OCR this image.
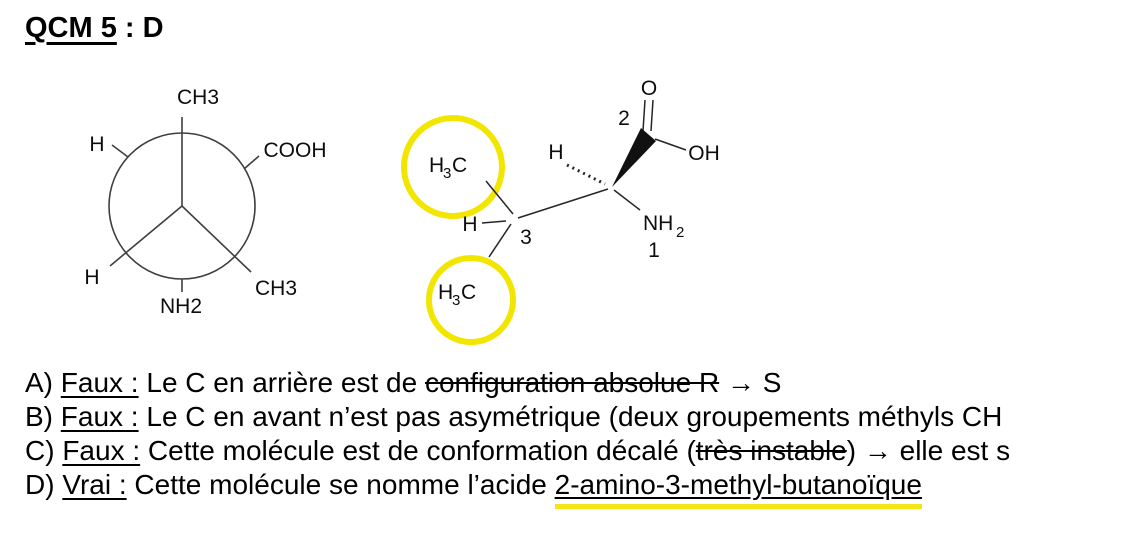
QCM 5 : D
CH3
H	COOH
H	CH3
NH2
O
2
OH
H
1
3
H	NH 2
H
3 C
H
3 C
A) Faux : Le C en arrière est de configuration absolue R → S
B) Faux : Le C en avant n’est pas asymétrique (deux groupements méthyls CH
C) Faux : Cette molécule est de conformation décalé (très instable) → elle est s
D) Vrai : Cette molécule se nomme l’acide 2-amino-3-methyl-butanoïque
